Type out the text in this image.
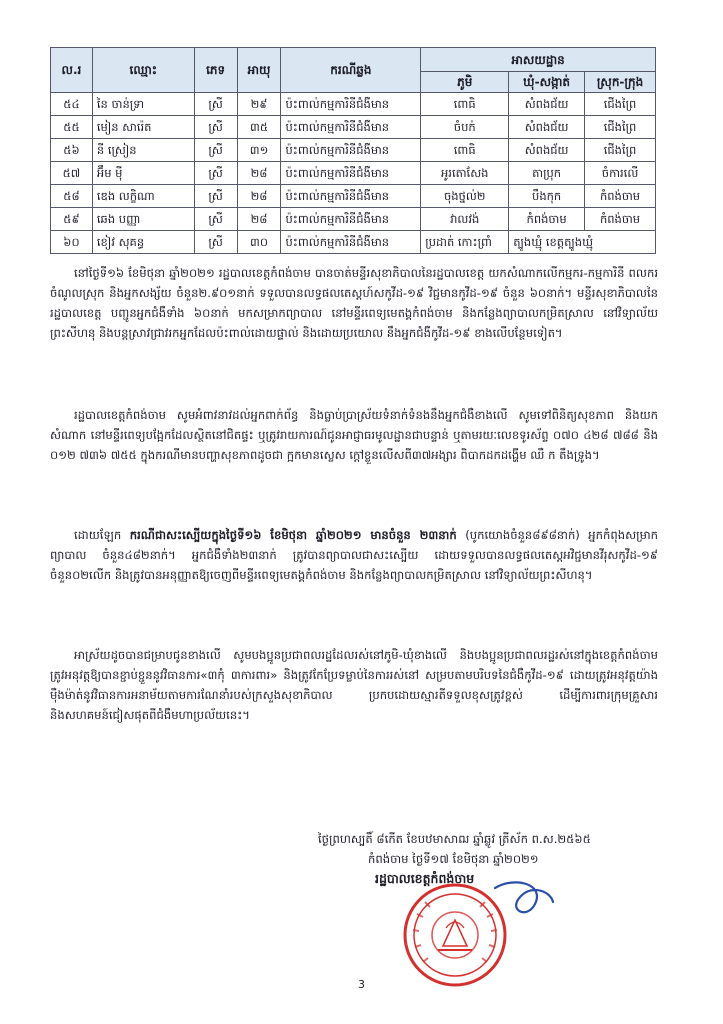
ល.រ	ឈ្មោះ	ភេទ	អាយុ	ករណីឆ្លង	អាសយដ្ឋាន		
					ភូមិ	ឃុំ-សង្កាត់	ស្រុក-ក្រុង
៥៤	នៃ ចាន់ទ្រា	ស្រី	២៩	ប៉ះពាល់កម្មការិនីជំងឺមាន	ពោធិ	សំពងជ័យ	ជើងព្រៃ
៥៥	មៀន សារ៉េត	ស្រី	៣៥	ប៉ះពាល់កម្មការិនីជំងឺមាន	ចំបក់	សំពងជ័យ	ជើងព្រៃ
៥៦	នី ស្រៀន	ស្រី	៣១	ប៉ះពាល់កម្មការិនីជំងឺមាន	ពោធិ	សំពងជ័យ	ជើងព្រៃ
៥៧	អ៊ឹម ម៉ី	ស្រី	២៨	ប៉ះពាល់កម្មការិនីជំងឺមាន	អូរតោសែង	តាប្រុក	ចំការលើ
៥៨	ឌេង លក្ខិណា	ស្រី	២៨	ប៉ះពាល់កម្មការិនីជំងឺមាន	ចុងថ្នល់២	បឹងកុក	កំពង់ចាម
៥៩	ឆេង បញ្ញា	ស្រី	២៨	ប៉ះពាល់កម្មការិនីជំងឺមាន	វាលវង់	កំពង់ចាម	កំពង់ចាម
៦០	ខៀវ សុគន្ធ	ស្រី	៣០	ប៉ះពាល់កម្មការិនីជំងឺមាន	ប្រដាត់ កោះព្រាំ	ត្បូងឃ្មុំ ខេត្តត្បូងឃ្មុំ	

នៅថ្ងៃទី១៦ ខែមិថុនា ឆ្នាំ២០២១ រដ្ឋបាលខេត្តកំពង់ចាម បានចាត់មន្ទីរសុខាភិបាលនៃរដ្ឋបាលខេត្ត យកសំណាកលើកម្មករ-កម្មការិនី ពលករចំណូលស្រុក និងអ្នកសង្ស័យ ចំនួន២.៩០១នាក់ ទទួលបានលទ្ធផលតេស្តហ៍សកូវីដ-១៩ វិជ្ជមានកូវីដ-១៩ ចំនួន ៦០នាក់។ មន្ទីរសុខាភិបាលនៃរដ្ឋបាលខេត្ត បញ្ជូនអ្នកជំងឺទាំង ៦០នាក់ មកសម្រាកព្យាបាល នៅមន្ទីរពេទ្យមេតង្គកំពង់ចាម និងកន្លែងព្យាបាលកម្រិតស្រាល នៅវិទ្យាល័យព្រះសីហនុ និងបន្តស្រាវជ្រាវរកអ្នកដែលប៉ះពាល់ដោយផ្ទាល់ និងដោយប្រយោល នឹងអ្នកជំងឺកូវីដ-១៩ ខាងលើបន្ថែមទៀត។

រដ្ឋបាលខេត្តកំពង់ចាម សូមអំពាវនាវដល់អ្នកពាក់ព័ន្ធ និងធ្លាប់ប្រាស្រ័យទំនាក់ទំនងនឹងអ្នកជំងឺខាងលើ សូមទៅពិនិត្យសុខភាព និងយកសំណាក នៅមន្ទីរពេទ្យបង្អែកដែលស្ថិតនៅជិតផ្ទះ ឬត្រូវរាយការណ៍ជូនអាជ្ញាធរមូលដ្ឋានជាបន្ទាន់ ឬតាមរយៈលេខទូរស័ព្ទ ០៧០ ៤២៨ ៧៨៨ និង ០១២ ៧៣៦ ៧៥៥ ក្នុងករណីមានបញ្ហាសុខភាពដូចជា ក្អកមានស្លេស ក្តៅខ្លួនលើសពី៣៧អង្សារ ពិបាកដកដង្ហើម ឈឺ ក តឹងទ្រូង។

ដោយឡែក ករណីជាសះស្បើយក្នុងថ្ងៃទី១៦ ខែមិថុនា ឆ្នាំ២០២១ មានចំនួន ២៣នាក់ (បូកយោងចំនួន៨៩៨នាក់) អ្នកកំពុងសម្រាកព្យាបាល ចំនួន៤៨២នាក់។ អ្នកជំងឺទាំង២៣នាក់ ត្រូវបានព្យាបាលជាសះស្បើយ ដោយទទួលបានលទ្ធផលតេស្តអវិជ្ជមានវីរុសកូវីដ-១៩ ចំនួន០២លើក និងត្រូវបានអនុញ្ញាតឱ្យចេញពីមន្ទីរពេទ្យមេតង្គកំពង់ចាម និងកន្លែងព្យាបាលកម្រិតស្រាល នៅវិទ្យាល័យព្រះសីហនុ។

អាស្រ័យដូចបានជម្រាបជូនខាងលើ សូមបងប្អូនប្រជាពលរដ្ឋដែលរស់នៅភូមិ-ឃុំខាងលើ និងបងប្អូនប្រជាពលរដ្ឋរស់នៅក្នុងខេត្តកំពង់ចាម ត្រូវអនុវត្តឱ្យបានខ្ជាប់ខ្ជួននូវវិធានការ«៣កុំ ៣ការពារ» និងត្រូវកែប្រែទម្លាប់នៃការរស់នៅ សម្របតាមបរិបទនៃជំងឺកូវីដ-១៩ ដោយត្រូវអនុវត្តយ៉ាងម៉ឺងម៉ាត់នូវវិធានការអនាម័យតាមការណែនាំរបស់ក្រសួងសុខាភិបាល ប្រកបដោយស្មារតីទទួលខុសត្រូវខ្ពស់ ដើម្បីការពារក្រុមគ្រួសារ និងសហគមន៍ជៀសផុតពីជំងឺមហាប្រល័យនេះ។

ថ្ងៃព្រហស្បតិ៍ ៨កើត ខែបឋមាសាឍ ឆ្នាំឆ្លូវ ត្រីស័ក ព.ស.២៥៦៥
កំពង់ចាម ថ្ងៃទី១៧ ខែមិថុនា ឆ្នាំ២០២១
រដ្ឋបាលខេត្តកំពង់ចាម
3
